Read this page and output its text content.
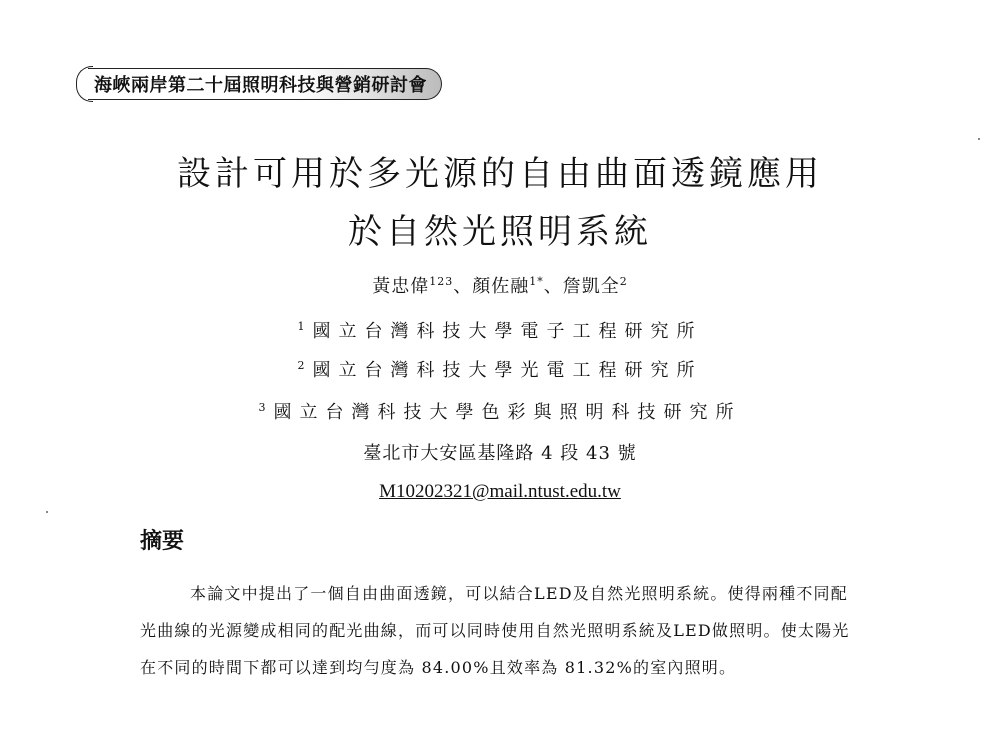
海峽兩岸第二十屆照明科技與營銷研討會
設計可用於多光源的自由曲面透鏡應用
於自然光照明系統
黃忠偉$^{123}$、顏佐融$^{1*}$、詹凱全$^2$
$^1$國立台灣科技大學電子工程研究所
$^2$國立台灣科技大學光電工程研究所
$^3$國立台灣科技大學色彩與照明科技研究所
臺北市大安區基隆路 4 段 43 號
M10202321@mail.ntust.edu.tw
摘要

本論文中提出了一個自由曲面透鏡，可以結合LED及自然光照明系統。使得兩種不同配光曲線的光源變成相同的配光曲線，而可以同時使用自然光照明系統及LED做照明。使太陽光在不同的時間下都可以達到均勻度為 84.00%且效率為 81.32%的室內照明。
